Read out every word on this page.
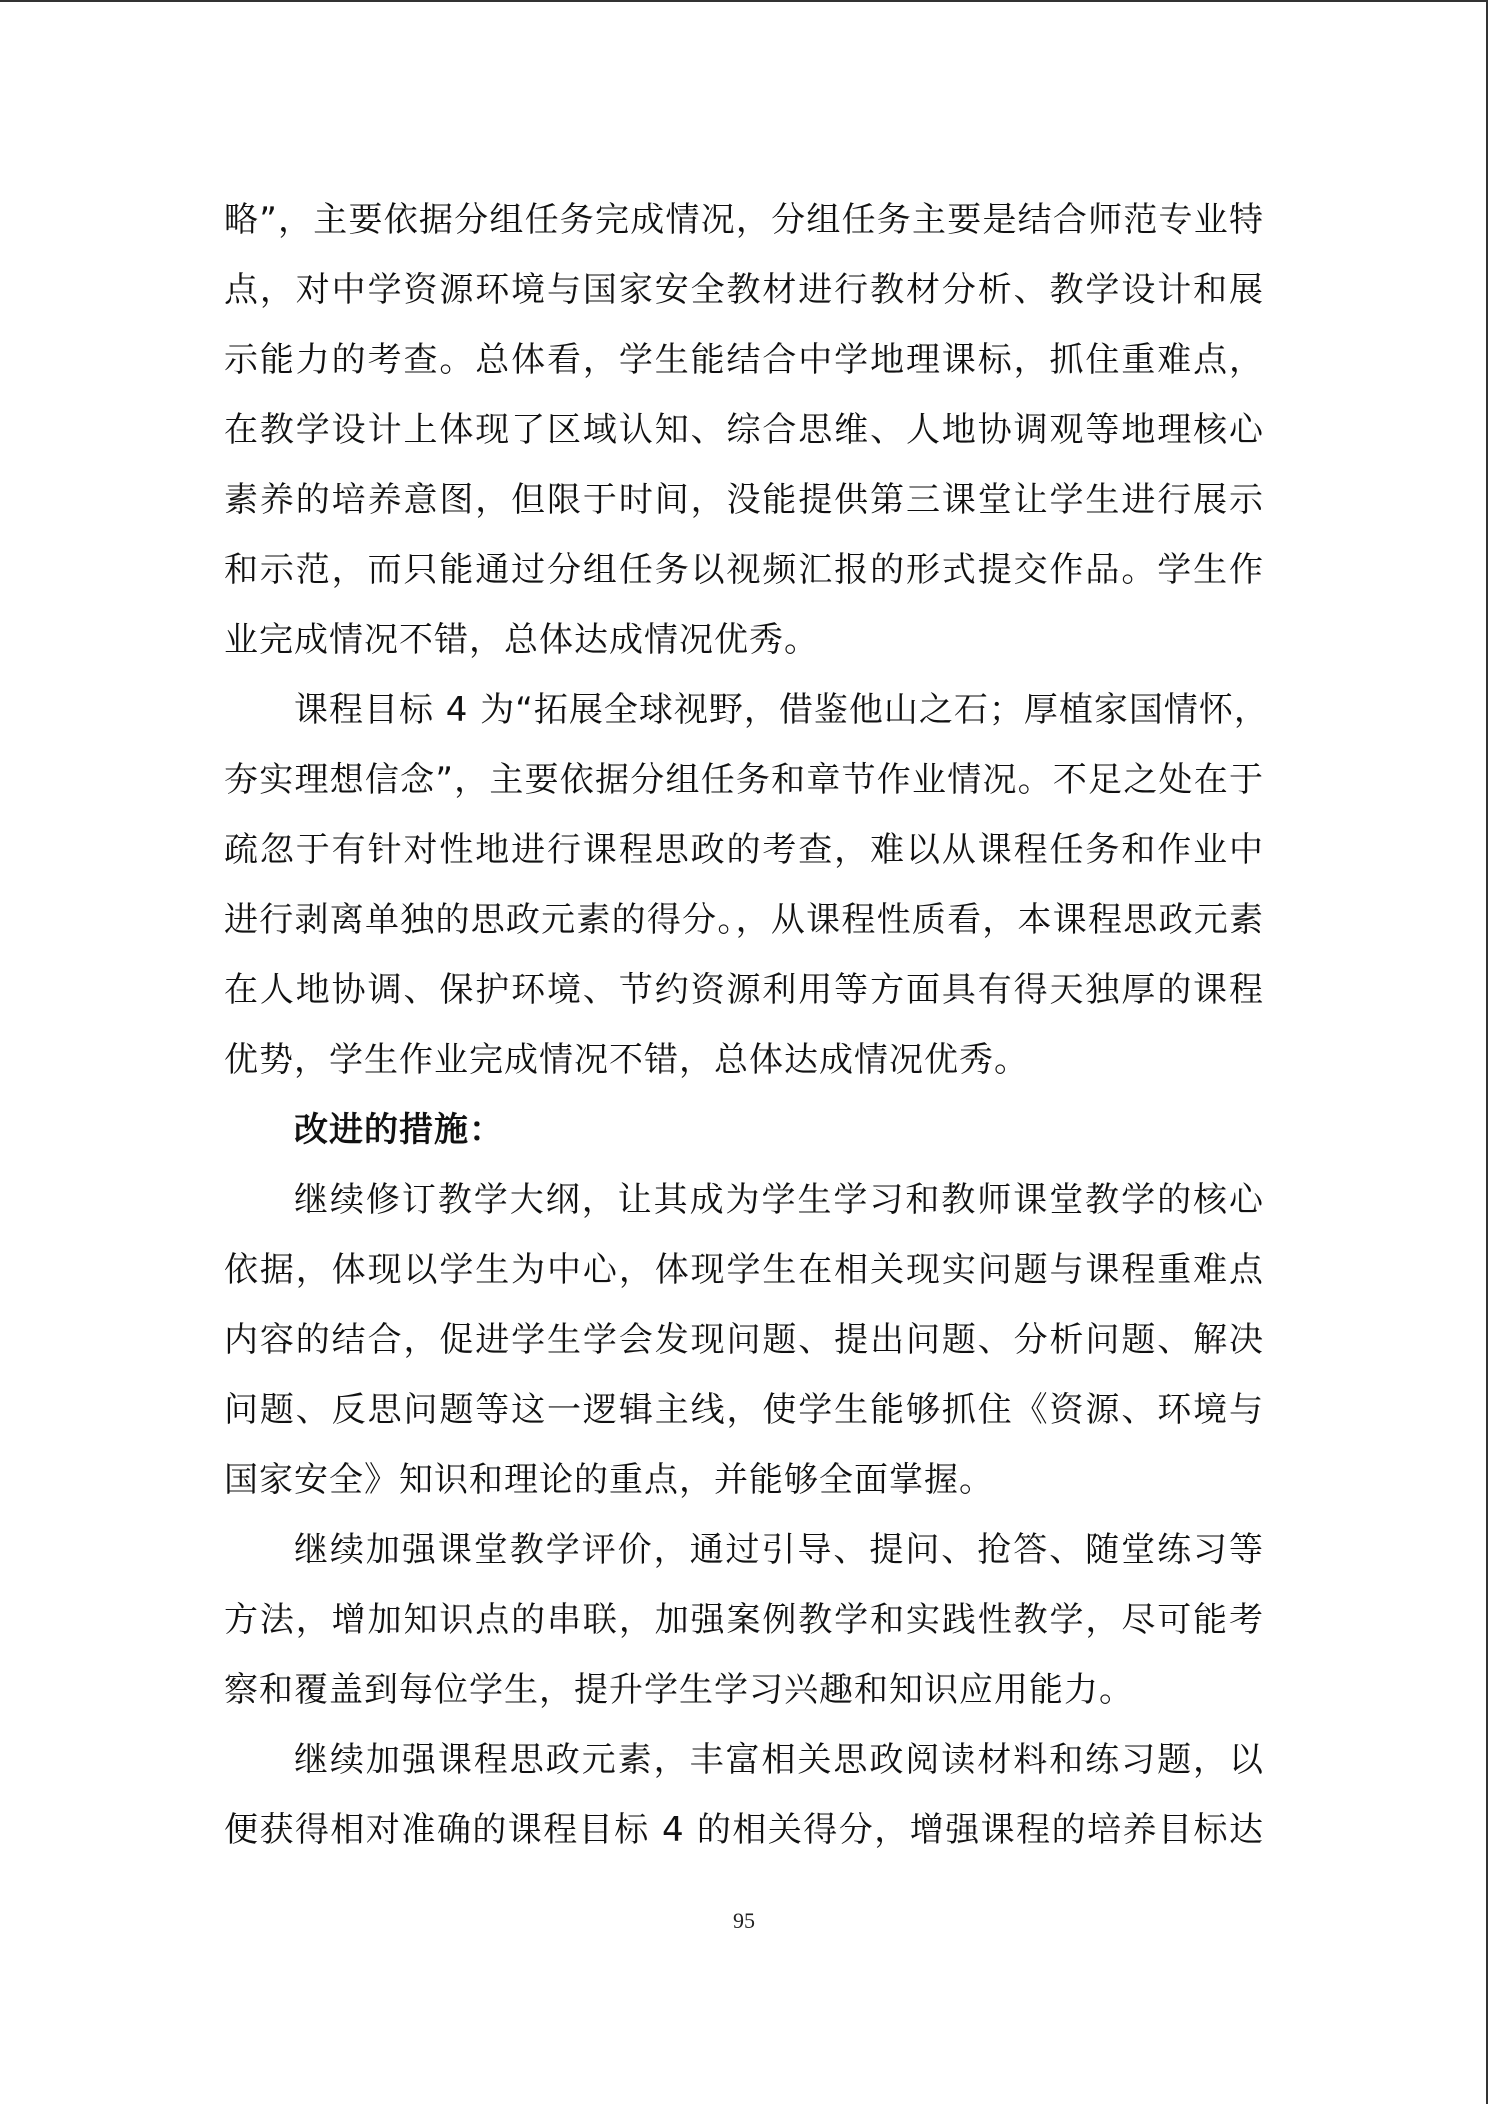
略”，主要依据分组任务完成情况，分组任务主要是结合师范专业特
点，对中学资源环境与国家安全教材进行教材分析、教学设计和展
示能力的考查。总体看，学生能结合中学地理课标，抓住重难点，
在教学设计上体现了区域认知、综合思维、人地协调观等地理核心
素养的培养意图，但限于时间，没能提供第三课堂让学生进行展示
和示范，而只能通过分组任务以视频汇报的形式提交作品。学生作
业完成情况不错，总体达成情况优秀。
课程目标 4 为“拓展全球视野，借鉴他山之石；厚植家国情怀，
夯实理想信念”，主要依据分组任务和章节作业情况。不足之处在于
疏忽于有针对性地进行课程思政的考查，难以从课程任务和作业中
进行剥离单独的思政元素的得分。，从课程性质看，本课程思政元素
在人地协调、保护环境、节约资源利用等方面具有得天独厚的课程
优势，学生作业完成情况不错，总体达成情况优秀。
改进的措施：
继续修订教学大纲，让其成为学生学习和教师课堂教学的核心
依据，体现以学生为中心，体现学生在相关现实问题与课程重难点
内容的结合，促进学生学会发现问题、提出问题、分析问题、解决
问题、反思问题等这一逻辑主线，使学生能够抓住《资源、环境与
国家安全》知识和理论的重点，并能够全面掌握。
继续加强课堂教学评价，通过引导、提问、抢答、随堂练习等
方法，增加知识点的串联，加强案例教学和实践性教学，尽可能考
察和覆盖到每位学生，提升学生学习兴趣和知识应用能力。
继续加强课程思政元素，丰富相关思政阅读材料和练习题，以
便获得相对准确的课程目标 4 的相关得分，增强课程的培养目标达
95
